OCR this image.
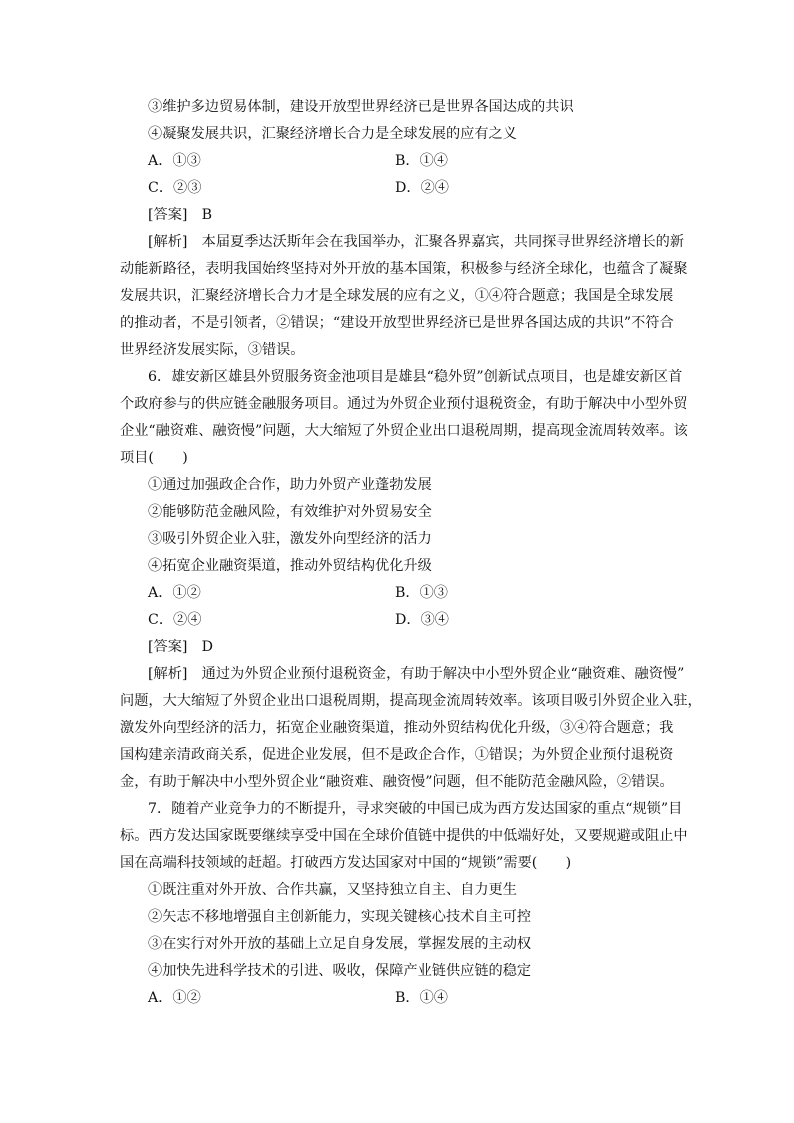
③维护多边贸易体制，建设开放型世界经济已是世界各国达成的共识
④凝聚发展共识，汇聚经济增长合力是全球发展的应有之义
A．①③	B．①④
C．②③	D．②④
[答案]　B
[解析]　本届夏季达沃斯年会在我国举办，汇聚各界嘉宾，共同探寻世界经济增长的新
动能新路径，表明我国始终坚持对外开放的基本国策，积极参与经济全球化，也蕴含了凝聚
发展共识，汇聚经济增长合力才是全球发展的应有之义，①④符合题意；我国是全球发展
的推动者，不是引领者，②错误；“建设开放型世界经济已是世界各国达成的共识”不符合
世界经济发展实际，③错误。
6．雄安新区雄县外贸服务资金池项目是雄县“稳外贸”创新试点项目，也是雄安新区首
个政府参与的供应链金融服务项目。通过为外贸企业预付退税资金，有助于解决中小型外贸
企业“融资难、融资慢”问题，大大缩短了外贸企业出口退税周期，提高现金流周转效率。该
项目(　　)
①通过加强政企合作，助力外贸产业蓬勃发展
②能够防范金融风险，有效维护对外贸易安全
③吸引外贸企业入驻，激发外向型经济的活力
④拓宽企业融资渠道，推动外贸结构优化升级
A．①②	B．①③
C．②④	D．③④
[答案]　D
[解析]　通过为外贸企业预付退税资金，有助于解决中小型外贸企业“融资难、融资慢”
问题，大大缩短了外贸企业出口退税周期，提高现金流周转效率。该项目吸引外贸企业入驻，
激发外向型经济的活力，拓宽企业融资渠道，推动外贸结构优化升级，③④符合题意；我
国构建亲清政商关系，促进企业发展，但不是政企合作，①错误；为外贸企业预付退税资
金，有助于解决中小型外贸企业“融资难、融资慢”问题，但不能防范金融风险，②错误。
7．随着产业竞争力的不断提升，寻求突破的中国已成为西方发达国家的重点“规锁”目
标。西方发达国家既要继续享受中国在全球价值链中提供的中低端好处，又要规避或阻止中
国在高端科技领域的赶超。打破西方发达国家对中国的“规锁”需要(　　)
①既注重对外开放、合作共赢，又坚持独立自主、自力更生
②矢志不移地增强自主创新能力，实现关键核心技术自主可控
③在实行对外开放的基础上立足自身发展，掌握发展的主动权
④加快先进科学技术的引进、吸收，保障产业链供应链的稳定
A．①②	B．①④
